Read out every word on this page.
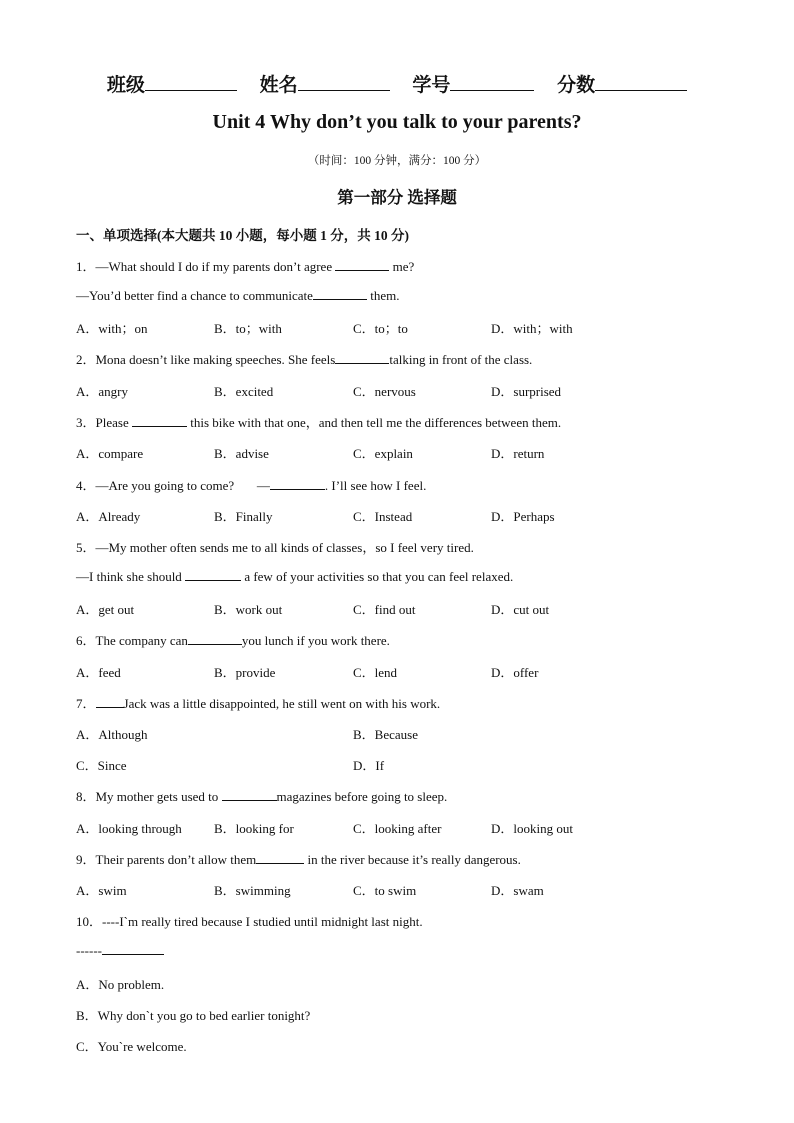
班级	姓名	学号	分数
Unit 4 Why don’t you talk to your parents?
（时间：100 分钟，满分：100 分）
第一部分 选择题
一、单项选择(本大题共 10 小题，每小题 1 分，共 10 分)
1．—What should I do if my parents don’t agree	me?
—You’d better find a chance to communicate	them.
A．with；on	B．to；with	C．to；to	D．with；with
2．Mona doesn’t like making speeches. She feels	talking in front of the class.
A．angry	B．excited	C．nervous	D．surprised
3．Please	this bike with that one，and then tell me the differences between them.
A．compare	B．advise	C．explain	D．return
4．—Are you going to come?       —	. I’ll see how I feel.
A．Already	B．Finally	C．Instead	D．Perhaps
5．—My mother often sends me to all kinds of classes，so I feel very tired.
—I think she should	a few of your activities so that you can feel relaxed.
A．get out	B．work out	C．find out	D．cut out
6．The company can	you lunch if you work there.
A．feed	B．provide	C．lend	D．offer
7． Jack was a little disappointed, he still went on with his work.
A．Although	B．Because
C．Since	D．If
8．My mother gets used to	magazines before going to sleep.
A．looking through B．looking for	C．looking after	D．looking out
9．Their parents don’t allow them	in the river because it’s really dangerous.
A．swim	B．swimming	C．to swim	D．swam
10．----I`m really tired because I studied until midnight last night.
------
A．No problem.
B．Why don`t you go to bed earlier tonight?
C．You`re welcome.
